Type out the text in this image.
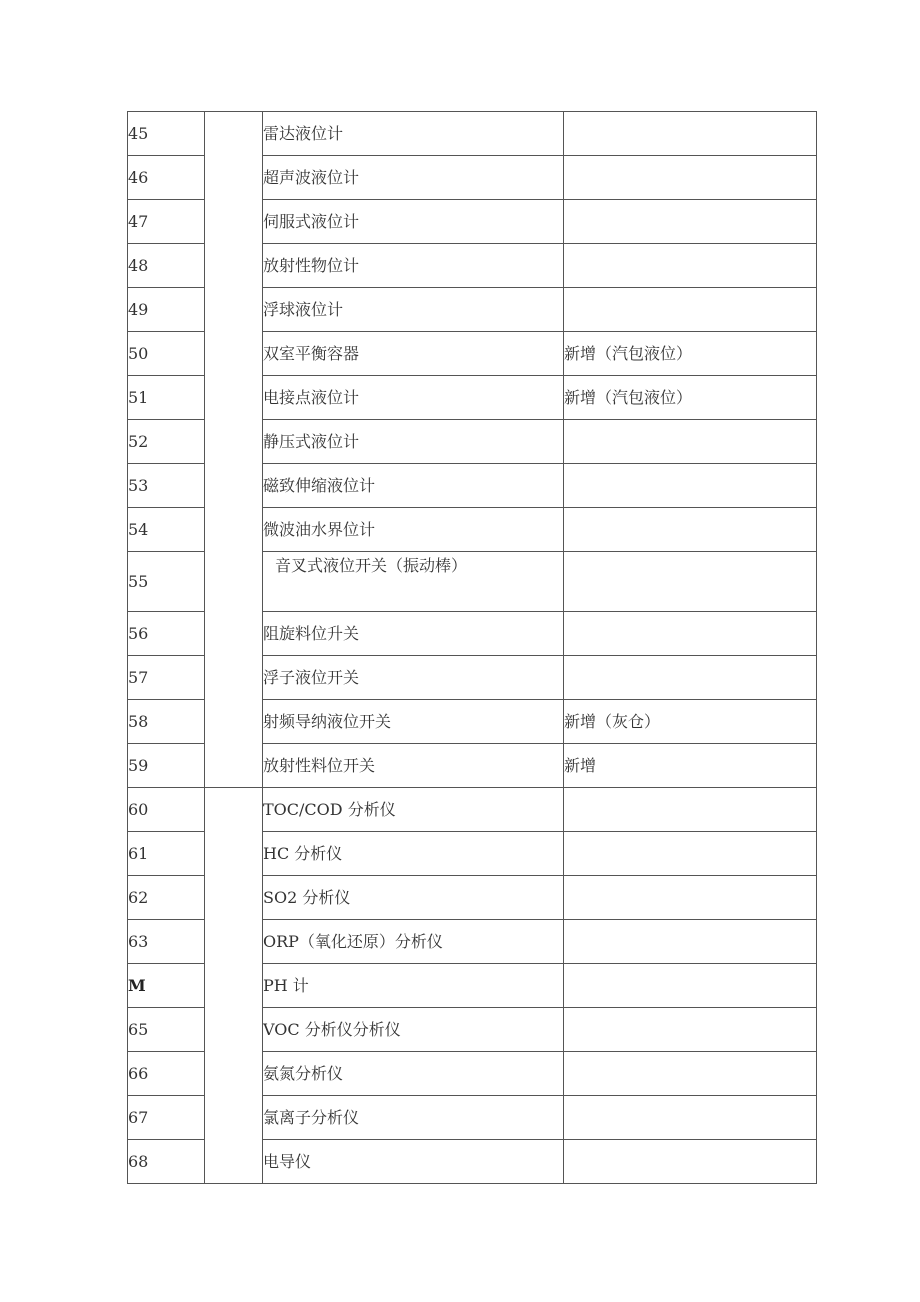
45		雷达液位计	
46		超声波液位计	
47		伺服式液位计	
48		放射性物位计	
49		浮球液位计	
50		双室平衡容器	新增（汽包液位）
51		电接点液位计	新增（汽包液位）
52		静压式液位计	
53		磁致伸缩液位计	
54		微波油水界位计	
55		音叉式液位开关（振动棒）	
56		阻旋料位升关	
57		浮子液位开关	
58		射频导纳液位开关	新增（灰仓）
59		放射性料位开关	新增
60		TOC/COD 分析仪	
61		HC 分析仪	
62		SO2 分析仪	
63		ORP（氧化还原）分析仪	
M		PH 计	
65		VOC 分析仪分析仪	
66		氨氮分析仪	
67		氯离子分析仪	
68		电导仪	
